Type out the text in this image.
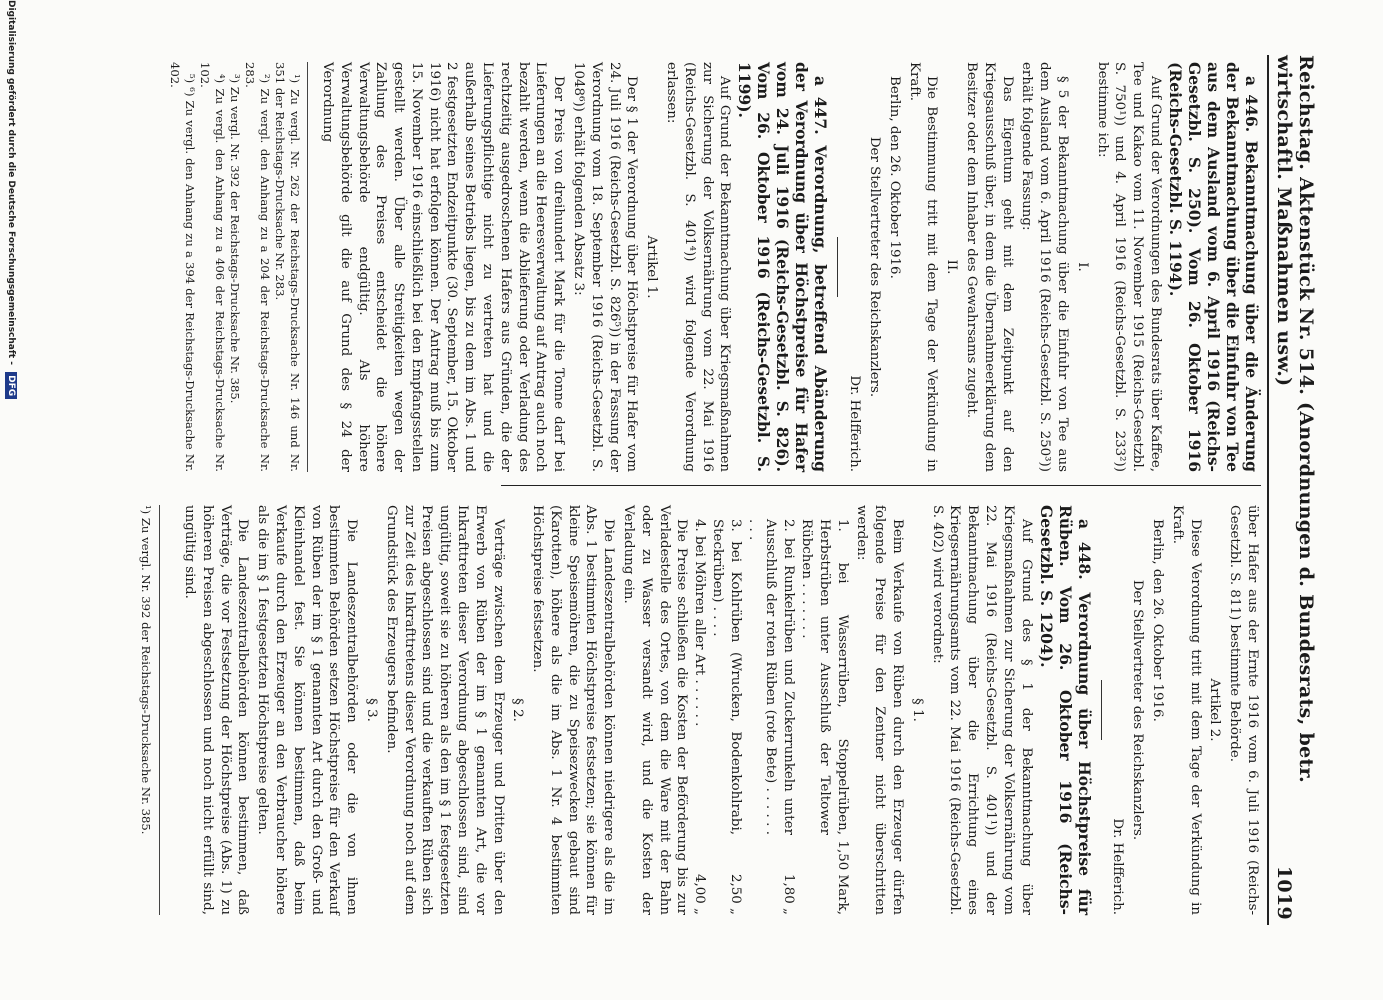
Reichstag. Aktenstück Nr. 514. (Anordnungen d. Bundesrats, betr. wirtschaftl. Maßnahmen usw.)
1019

a 446. Bekanntmachung über die Änderung der Bekanntmachung über die Einfuhr von Tee aus dem Ausland vom 6. April 1916 (Reichs-Gesetzbl. S. 250). Vom 26. Oktober 1916 (Reichs-Gesetzbl. S. 1194).

Auf Grund der Verordnungen des Bundesrats über Kaffee, Tee und Kakao vom 11. November 1915 (Reichs-Gesetzbl. S. 750¹)) und 4. April 1916 (Reichs-Gesetzbl. S. 233²)) bestimme ich:

I.

§ 5 der Bekanntmachung über die Einfuhr von Tee aus dem Ausland vom 6. April 1916 (Reichs-Gesetzbl. S. 250³)) erhält folgende Fassung:

Das Eigentum geht mit dem Zeitpunkt auf den Kriegsausschuß über, in dem die Übernahmeerklärung dem Besitzer oder dem Inhaber des Gewahrsams zugeht.

II.

Die Bestimmung tritt mit dem Tage der Verkündung in Kraft.

Berlin, den 26. Oktober 1916.

Der Stellvertreter des Reichskanzlers.

Dr. Helfferich.

a 447. Verordnung, betreffend Abänderung der Verordnung über Höchstpreise für Hafer vom 24. Juli 1916 (Reichs-Gesetzbl. S. 826). Vom 26. Oktober 1916 (Reichs-Gesetzbl. S. 1199).

Auf Grund der Bekanntmachung über Kriegsmaßnahmen zur Sicherung der Volksernährung vom 22. Mai 1916 (Reichs-Gesetzbl. S. 401⁴)) wird folgende Verordnung erlassen:

Artikel 1.

Der § 1 der Verordnung über Höchstpreise für Hafer vom 24. Juli 1916 (Reichs-Gesetzbl. S. 826⁵)) in der Fassung der Verordnung vom 18. September 1916 (Reichs-Gesetzbl. S. 1048⁶)) erhält folgenden Absatz 3:

Der Preis von dreihundert Mark für die Tonne darf bei Lieferungen an die Heeresverwaltung auf Antrag auch noch bezahlt werden, wenn die Ablieferung oder Verladung des rechtzeitig ausgedroschenen Hafers aus Gründen, die der Lieferungspflichtige nicht zu vertreten hat und die außerhalb seines Betriebs liegen, bis zu dem im Abs. 1 und 2 festgesetzten Endzeitpunkte (30. September, 15. Oktober 1916) nicht hat erfolgen können. Der Antrag muß bis zum 15. November 1916 einschließlich bei den Empfangsstellen gestellt werden. Über alle Streitigkeiten wegen der Zahlung des Preises entscheidet die höhere Verwaltungsbehörde endgültig. Als höhere Verwaltungsbehörde gilt die auf Grund des § 24 der Verordnung

¹) Zu vergl. Nr. 262 der Reichstags-Drucksache Nr. 146 und Nr. 351 der Reichstags-Drucksache Nr. 283.
²) Zu vergl. den Anhang zu a 204 der Reichstags-Drucksache Nr. 283.
³) Zu vergl. Nr. 392 der Reichstags-Drucksache Nr. 385.
⁴) Zu vergl. den Anhang zu a 406 der Reichstags-Drucksache Nr. 102.
⁵) ⁶) Zu vergl. den Anhang zu a 394 der Reichstags-Drucksache Nr. 402.

über Hafer aus der Ernte 1916 vom 6. Juli 1916 (Reichs-Gesetzbl. S. 811) bestimmte Behörde.

Artikel 2.

Diese Verordnung tritt mit dem Tage der Verkündung in Kraft.

Berlin, den 26. Oktober 1916.

Der Stellvertreter des Reichskanzlers.

Dr. Helfferich.

a 448. Verordnung über Höchstpreise für Rüben. Vom 26. Oktober 1916 (Reichs-Gesetzbl. S. 1204).

Auf Grund des § 1 der Bekanntmachung über Kriegsmaßnahmen zur Sicherung der Volksernährung vom 22. Mai 1916 (Reichs-Gesetzbl. S. 401¹)) und der Bekanntmachung über die Errichtung eines Kriegsernährungsamts vom 22. Mai 1916 (Reichs-Gesetzbl. S. 402) wird verordnet:

§ 1.

Beim Verkaufe von Rüben durch den Erzeuger dürfen folgende Preise für den Zentner nicht überschritten werden:

1. bei Wasserrüben, Stoppelrüben, Herbstrüben unter Ausschluß der Teltower Rübchen . . . . . . .
1,50 Mark,
2. bei Runkelrüben und Zuckerrunkeln unter Ausschluß der roten Rüben (rote Bete) . . . . . . . . .
1,80 „
3. bei Kohlrüben (Wrucken, Bodenkohlrabi, Steckrüben) . . . .
2,50 „
4. bei Möhren aller Art . . . . . .
4,00 „

Die Preise schließen die Kosten der Beförderung bis zur Verladestelle des Ortes, von dem die Ware mit der Bahn oder zu Wasser versandt wird, und die Kosten der Verladung ein.

Die Landeszentralbehörden können niedrigere als die im Abs. 1 bestimmten Höchstpreise festsetzen; sie können für kleine Speisemöhren, die zu Speisezwecken gebaut sind (Karotten), höhere als die im Abs. 1 Nr. 4 bestimmten Höchstpreise festsetzen.

§ 2.

Verträge zwischen dem Erzeuger und Dritten über den Erwerb von Rüben der im § 1 genannten Art, die vor Inkrafttreten dieser Verordnung abgeschlossen sind, sind ungültig, soweit sie zu höheren als den im § 1 festgesetzten Preisen abgeschlossen sind und die verkauften Rüben sich zur Zeit des Inkrafttretens dieser Verordnung noch auf dem Grundstück des Erzeugers befinden.

§ 3.

Die Landeszentralbehörden oder die von ihnen bestimmten Behörden setzen Höchstpreise für den Verkauf von Rüben der im § 1 genannten Art durch den Groß- und Kleinhandel fest. Sie können bestimmen, daß beim Verkaufe durch den Erzeuger an den Verbraucher höhere als die im § 1 festgesetzten Höchstpreise gelten.

Die Landeszentralbehörden können bestimmen, daß Verträge, die vor Festsetzung der Höchstpreise (Abs. 1) zu höheren Preisen abgeschlossen und noch nicht erfüllt sind, ungültig sind.

¹) Zu vergl. Nr. 392 der Reichstags-Drucksache Nr. 385.
Digitalisierung gefördert durch die Deutsche Forschungsgemeinschaft - DFG
